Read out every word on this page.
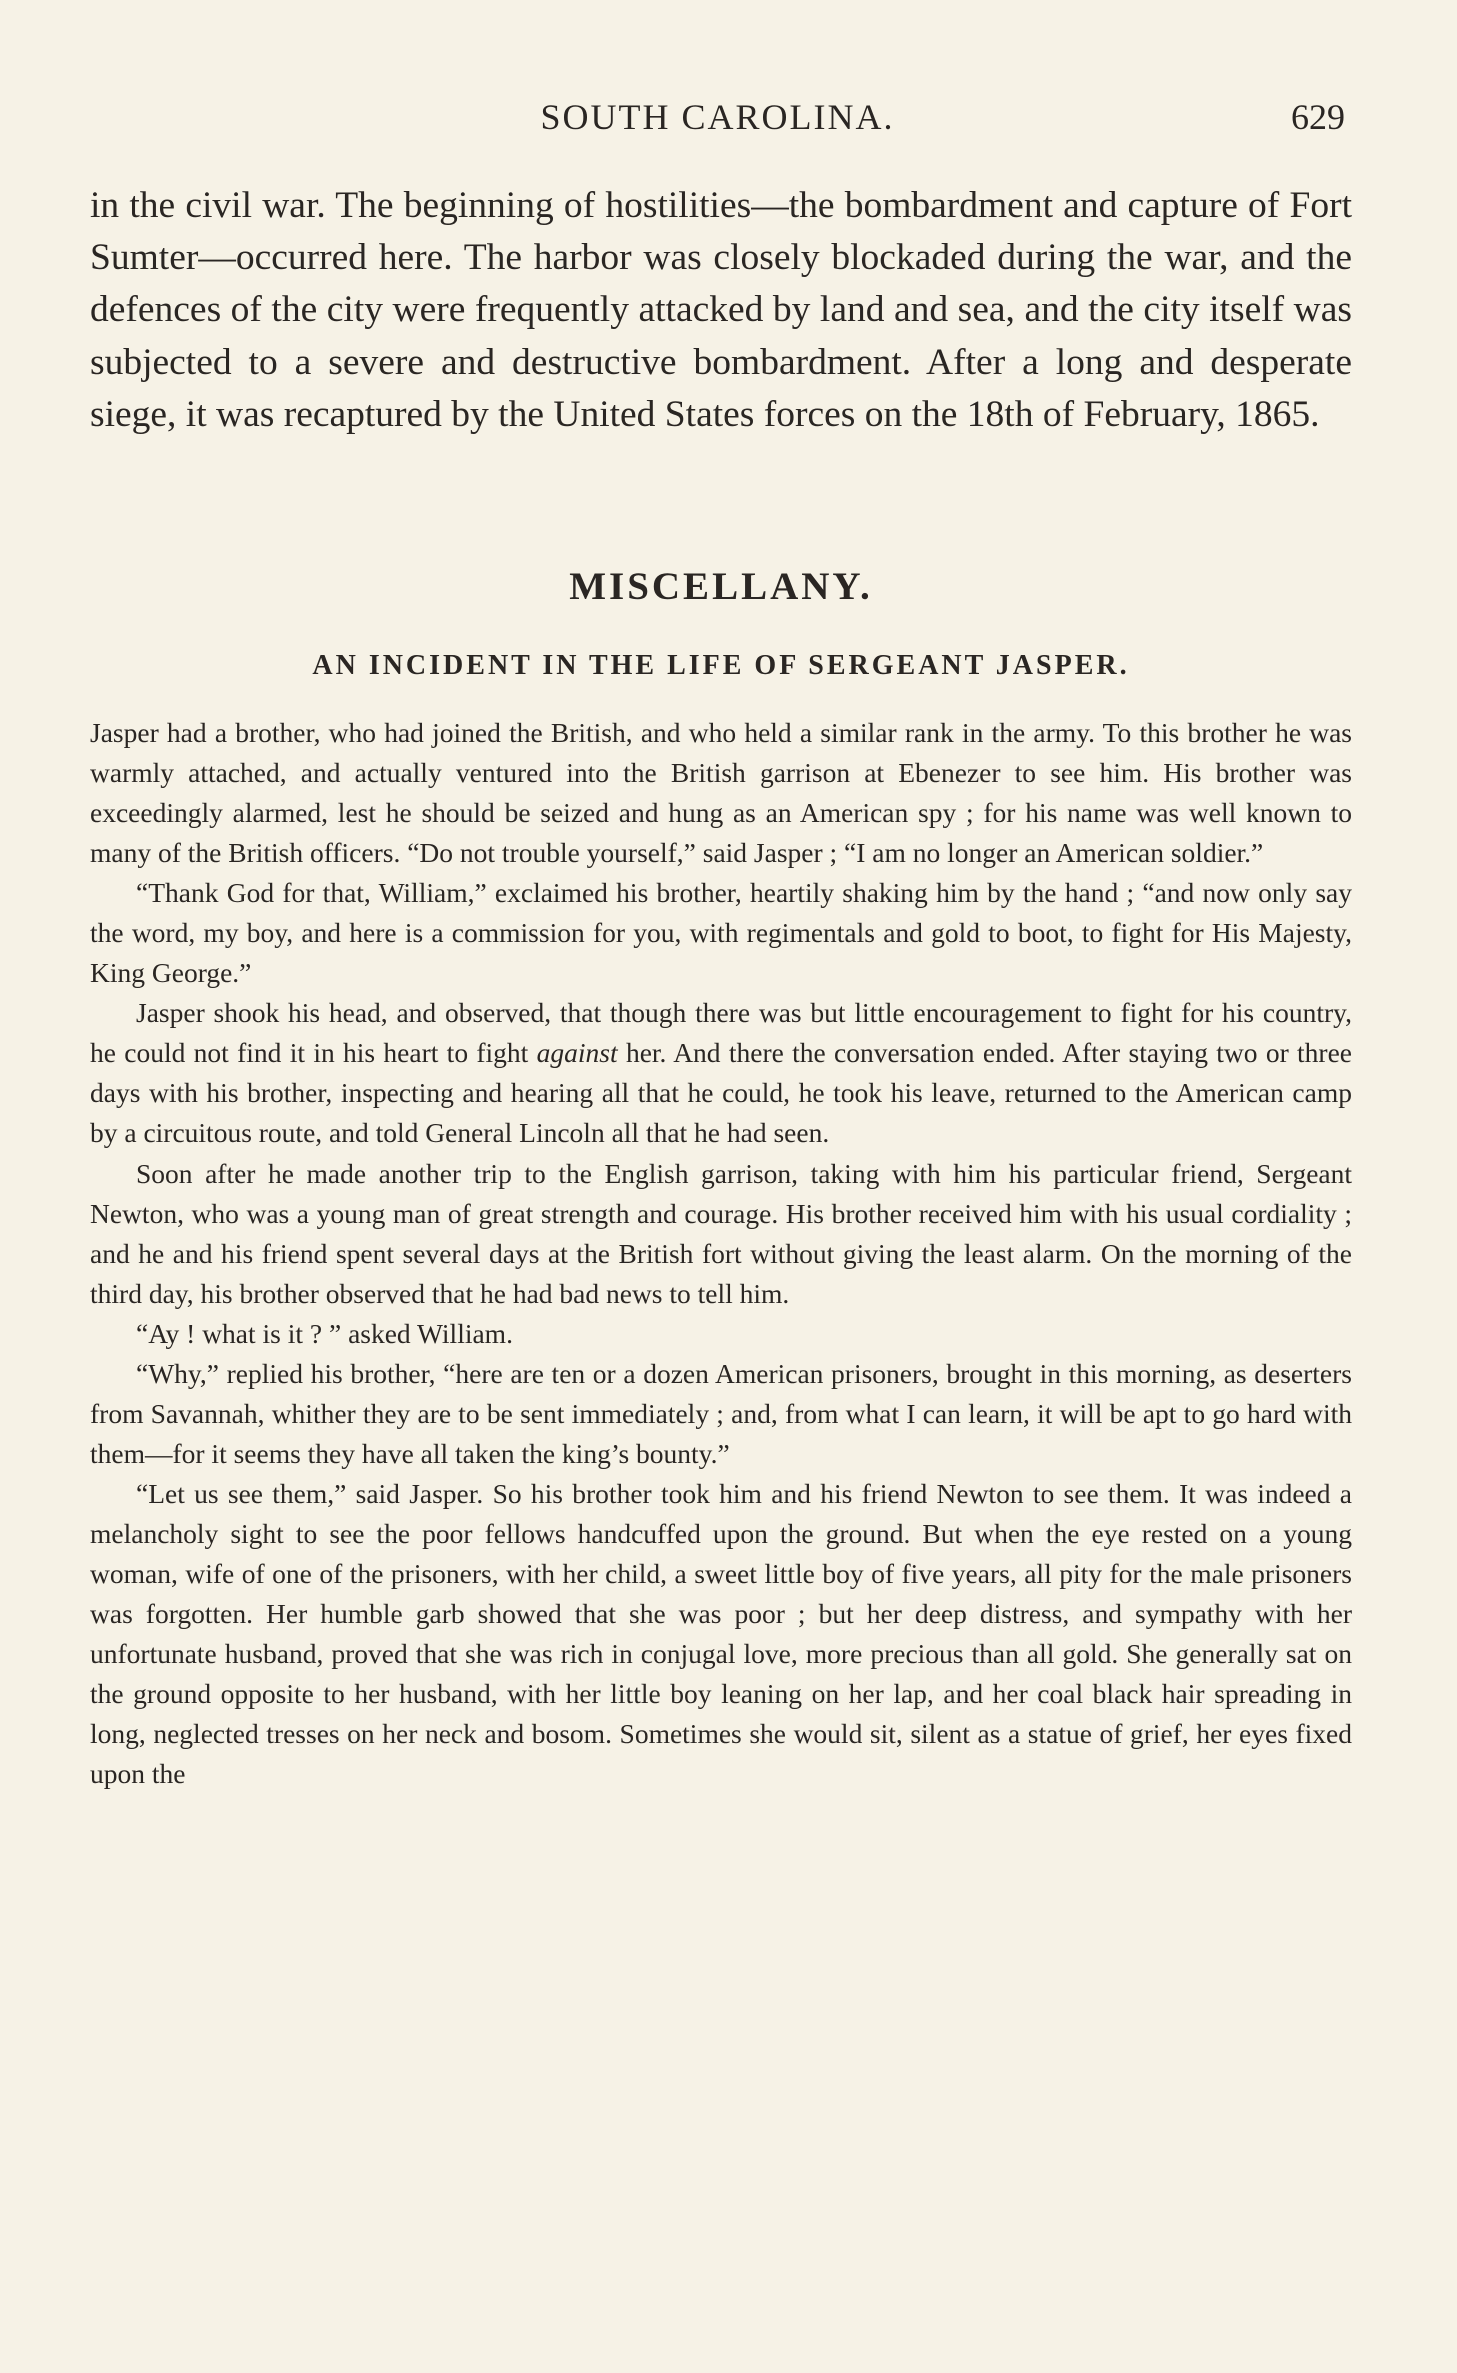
SOUTH CAROLINA.	629

in the civil war. The beginning of hostilities—the bombardment and capture of Fort Sumter—occurred here. The harbor was closely blockaded during the war, and the defences of the city were frequently attacked by land and sea, and the city itself was subjected to a severe and destructive bombardment. After a long and desperate siege, it was recaptured by the United States forces on the 18th of February, 1865.

MISCELLANY.
AN INCIDENT IN THE LIFE OF SERGEANT JASPER.

Jasper had a brother, who had joined the British, and who held a similar rank in the army. To this brother he was warmly attached, and actually ventured into the British garrison at Ebenezer to see him. His brother was exceedingly alarmed, lest he should be seized and hung as an American spy ; for his name was well known to many of the British officers. “Do not trouble yourself,” said Jasper ; “I am no longer an American soldier.”

“Thank God for that, William,” exclaimed his brother, heartily shaking him by the hand ; “and now only say the word, my boy, and here is a commission for you, with regimentals and gold to boot, to fight for His Majesty, King George.”

Jasper shook his head, and observed, that though there was but little encouragement to fight for his country, he could not find it in his heart to fight against her. And there the conversation ended. After staying two or three days with his brother, inspecting and hearing all that he could, he took his leave, returned to the American camp by a circuitous route, and told General Lincoln all that he had seen.

Soon after he made another trip to the English garrison, taking with him his particular friend, Sergeant Newton, who was a young man of great strength and courage. His brother received him with his usual cordiality ; and he and his friend spent several days at the British fort without giving the least alarm. On the morning of the third day, his brother observed that he had bad news to tell him.

“Ay ! what is it ? ” asked William.

“Why,” replied his brother, “here are ten or a dozen American prisoners, brought in this morning, as deserters from Savannah, whither they are to be sent immediately ; and, from what I can learn, it will be apt to go hard with them—for it seems they have all taken the king’s bounty.”

“Let us see them,” said Jasper. So his brother took him and his friend Newton to see them. It was indeed a melancholy sight to see the poor fellows handcuffed upon the ground. But when the eye rested on a young woman, wife of one of the prisoners, with her child, a sweet little boy of five years, all pity for the male prisoners was forgotten. Her humble garb showed that she was poor ; but her deep distress, and sympathy with her unfortunate husband, proved that she was rich in conjugal love, more precious than all gold. She generally sat on the ground opposite to her husband, with her little boy leaning on her lap, and her coal black hair spreading in long, neglected tresses on her neck and bosom. Sometimes she would sit, silent as a statue of grief, her eyes fixed upon the
